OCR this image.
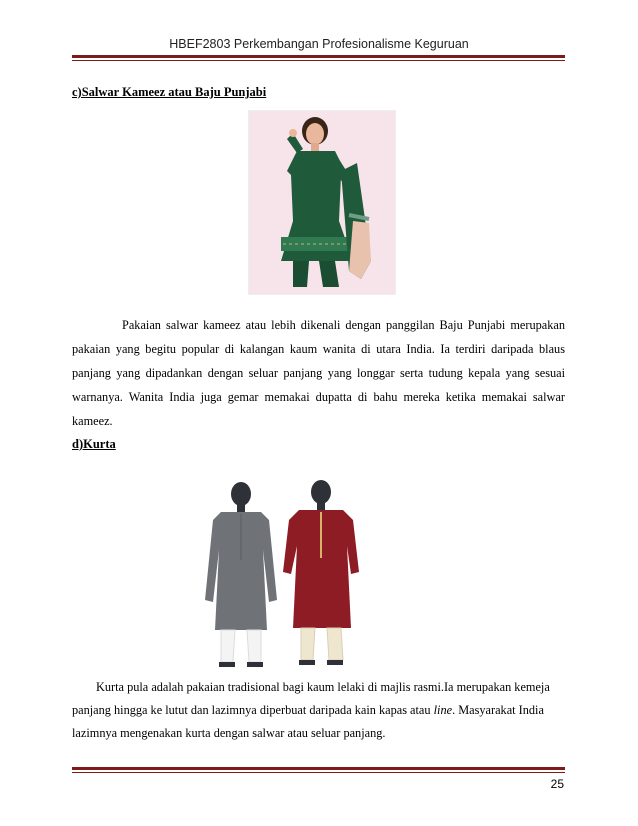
HBEF2803 Perkembangan Profesionalisme Keguruan
c)Salwar Kameez atau Baju Punjabi

Pakaian salwar kameez atau lebih dikenali dengan panggilan Baju Punjabi merupakan pakaian yang begitu popular di kalangan kaum wanita di utara India. Ia terdiri daripada blaus panjang yang dipadankan dengan seluar panjang yang longgar serta tudung kepala yang sesuai warnanya. Wanita India juga gemar memakai dupatta di bahu mereka ketika memakai salwar kameez.

d)Kurta

Kurta pula adalah pakaian tradisional bagi kaum lelaki di majlis rasmi.Ia merupakan kemeja panjang hingga ke lutut dan lazimnya diperbuat daripada kain kapas atau line. Masyarakat India lazimnya mengenakan kurta dengan salwar atau seluar panjang.

25
